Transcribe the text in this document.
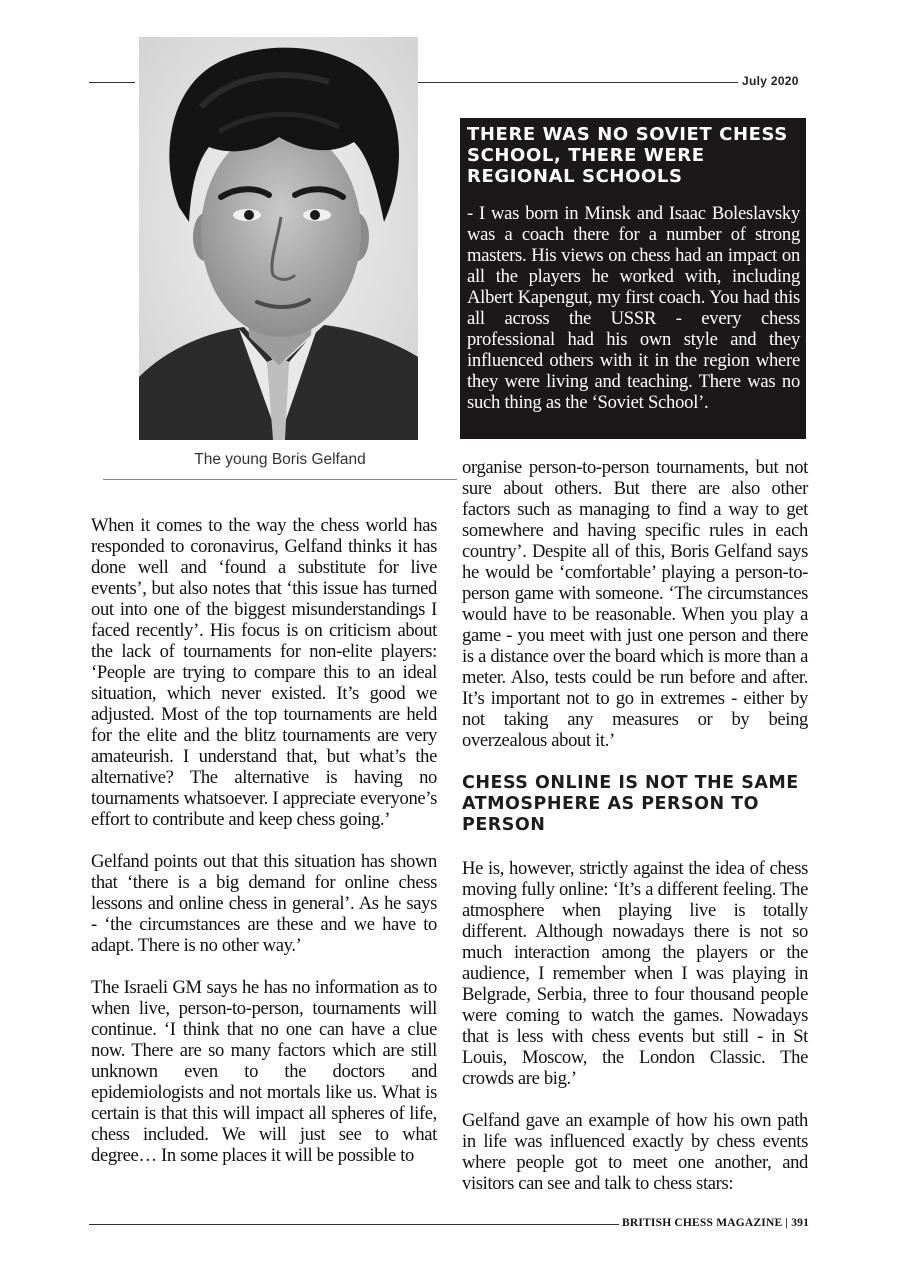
July 2020
The young Boris Gelfand
THERE WAS NO SOVIET CHESS SCHOOL, THERE WERE REGIONAL SCHOOLS

- I was born in Minsk and Isaac Boleslavsky was a coach there for a number of strong masters. His views on chess had an impact on all the players he worked with, including Albert Kapengut, my first coach. You had this all across the USSR - every chess professional had his own style and they influenced others with it in the region where they were living and teaching. There was no such thing as the ‘Soviet School’.

When it comes to the way the chess world has responded to coronavirus, Gelfand thinks it has done well and ‘found a substitute for live events’, but also notes that ‘this issue has turned out into one of the biggest misunderstandings I faced recently’. His focus is on criticism about the lack of tournaments for non-elite players: ‘People are trying to compare this to an ideal situation, which never existed. It’s good we adjusted. Most of the top tournaments are held for the elite and the blitz tournaments are very amateurish. I understand that, but what’s the alternative? The alternative is having no tournaments whatsoever. I appreciate everyone’s effort to contribute and keep chess going.’

Gelfand points out that this situation has shown that ‘there is a big demand for online chess lessons and online chess in general’. As he says - ‘the circumstances are these and we have to adapt. There is no other way.’

The Israeli GM says he has no information as to when live, person-to-person, tournaments will continue. ‘I think that no one can have a clue now. There are so many factors which are still unknown even to the doctors and epidemiologists and not mortals like us. What is certain is that this will impact all spheres of life, chess included. We will just see to what degree… In some places it will be possible to

organise person-to-person tournaments, but not sure about others. But there are also other factors such as managing to find a way to get somewhere and having specific rules in each country’. Despite all of this, Boris Gelfand says he would be ‘comfortable’ playing a person-to-person game with someone. ‘The circumstances would have to be reasonable. When you play a game - you meet with just one person and there is a distance over the board which is more than a meter. Also, tests could be run before and after. It’s important not to go in extremes - either by not taking any measures or by being overzealous about it.’

CHESS ONLINE IS NOT THE SAME ATMOSPHERE AS PERSON TO PERSON

He is, however, strictly against the idea of chess moving fully online: ‘It’s a different feeling. The atmosphere when playing live is totally different. Although nowadays there is not so much interaction among the players or the audience, I remember when I was playing in Belgrade, Serbia, three to four thousand people were coming to watch the games. Nowadays that is less with chess events but still - in St Louis, Moscow, the London Classic. The crowds are big.’

Gelfand gave an example of how his own path in life was influenced exactly by chess events where people got to meet one another, and visitors can see and talk to chess stars:

BRITISH CHESS MAGAZINE | 391
